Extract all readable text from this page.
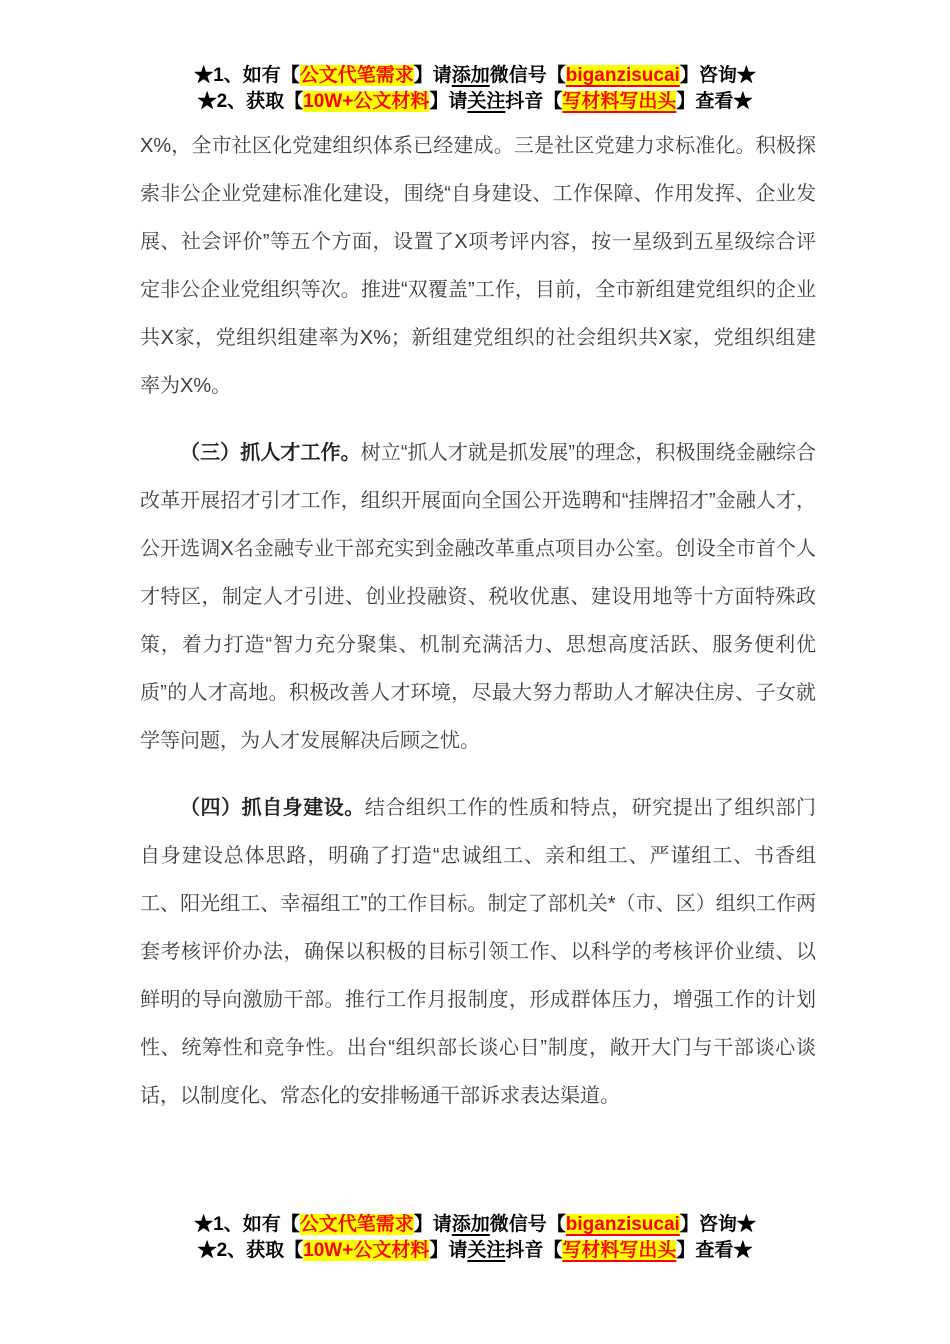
★1、如有【公文代笔需求】请添加微信号【biganzisucai】咨询★
★2、获取【10W+公文材料】请关注抖音【写材料写出头】查看★

X%，全市社区化党建组织体系已经建成。三是社区党建力求标准化。积极探索非公企业党建标准化建设，围绕“自身建设、工作保障、作用发挥、企业发展、社会评价”等五个方面，设置了X项考评内容，按一星级到五星级综合评定非公企业党组织等次。推进“双覆盖”工作，目前，全市新组建党组织的企业共X家，党组织组建率为X%；新组建党组织的社会组织共X家，党组织组建率为X%。

（三）抓人才工作。树立“抓人才就是抓发展”的理念，积极围绕金融综合改革开展招才引才工作，组织开展面向全国公开选聘和“挂牌招才”金融人才，公开选调X名金融专业干部充实到金融改革重点项目办公室。创设全市首个人才特区，制定人才引进、创业投融资、税收优惠、建设用地等十方面特殊政策，着力打造“智力充分聚集、机制充满活力、思想高度活跃、服务便利优质”的人才高地。积极改善人才环境，尽最大努力帮助人才解决住房、子女就学等问题，为人才发展解决后顾之忧。

（四）抓自身建设。结合组织工作的性质和特点，研究提出了组织部门自身建设总体思路，明确了打造“忠诚组工、亲和组工、严谨组工、书香组工、阳光组工、幸福组工”的工作目标。制定了部机关*（市、区）组织工作两套考核评价办法，确保以积极的目标引领工作、以科学的考核评价业绩、以鲜明的导向激励干部。推行工作月报制度，形成群体压力，增强工作的计划性、统筹性和竞争性。出台“组织部长谈心日”制度，敞开大门与干部谈心谈话，以制度化、常态化的安排畅通干部诉求表达渠道。

★1、如有【公文代笔需求】请添加微信号【biganzisucai】咨询★
★2、获取【10W+公文材料】请关注抖音【写材料写出头】查看★
